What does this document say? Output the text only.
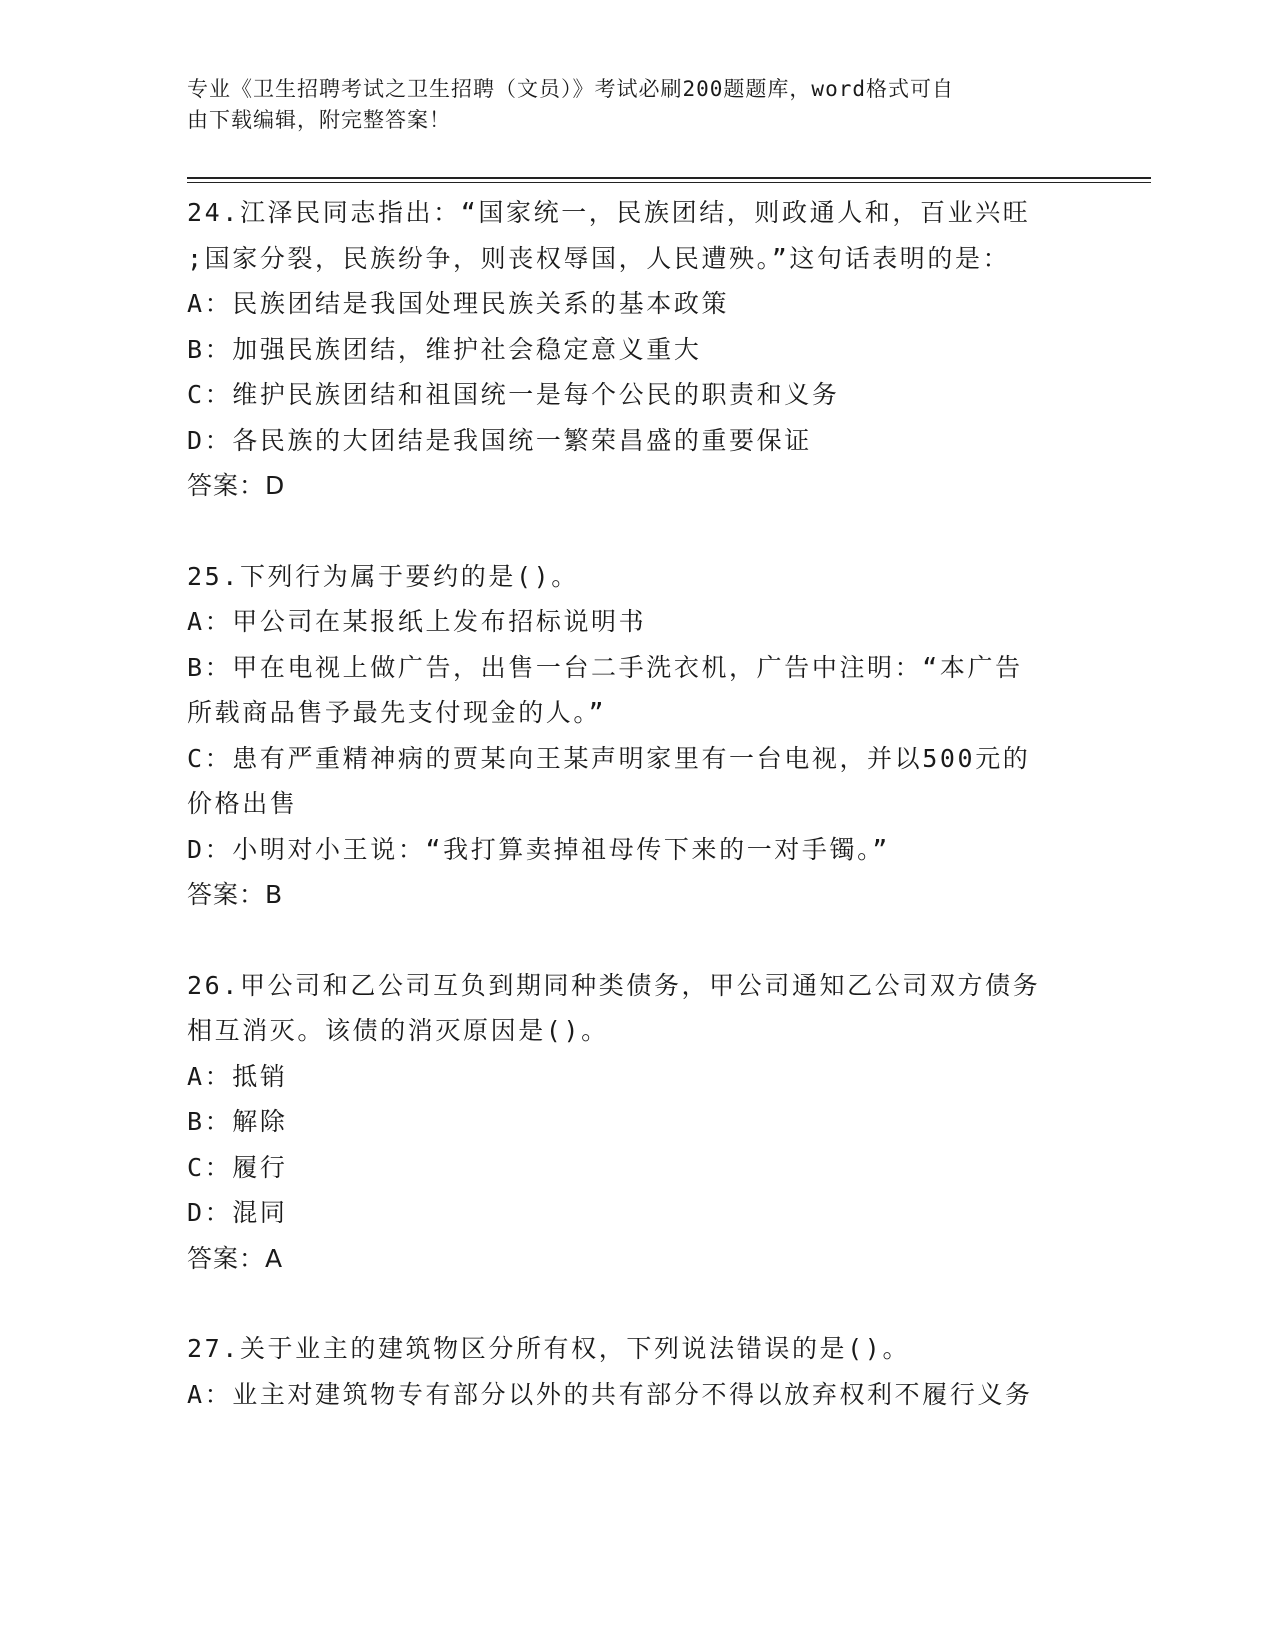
专业《卫生招聘考试之卫生招聘（文员）》考试必刷200题题库，word格式可自
由下载编辑，附完整答案！
24.江泽民同志指出：“国家统一，民族团结，则政通人和，百业兴旺
;国家分裂，民族纷争，则丧权辱国，人民遭殃。”这句话表明的是：
A：民族团结是我国处理民族关系的基本政策
B：加强民族团结，维护社会稳定意义重大
C：维护民族团结和祖国统一是每个公民的职责和义务
D：各民族的大团结是我国统一繁荣昌盛的重要保证
答案：D
25.下列行为属于要约的是()。
A：甲公司在某报纸上发布招标说明书
B：甲在电视上做广告，出售一台二手洗衣机，广告中注明：“本广告
所载商品售予最先支付现金的人。”
C：患有严重精神病的贾某向王某声明家里有一台电视，并以500元的
价格出售
D：小明对小王说：“我打算卖掉祖母传下来的一对手镯。”
答案：B
26.甲公司和乙公司互负到期同种类债务，甲公司通知乙公司双方债务
相互消灭。该债的消灭原因是()。
A：抵销
B：解除
C：履行
D：混同
答案：A
27.关于业主的建筑物区分所有权，下列说法错误的是()。
A：业主对建筑物专有部分以外的共有部分不得以放弃权利不履行义务
